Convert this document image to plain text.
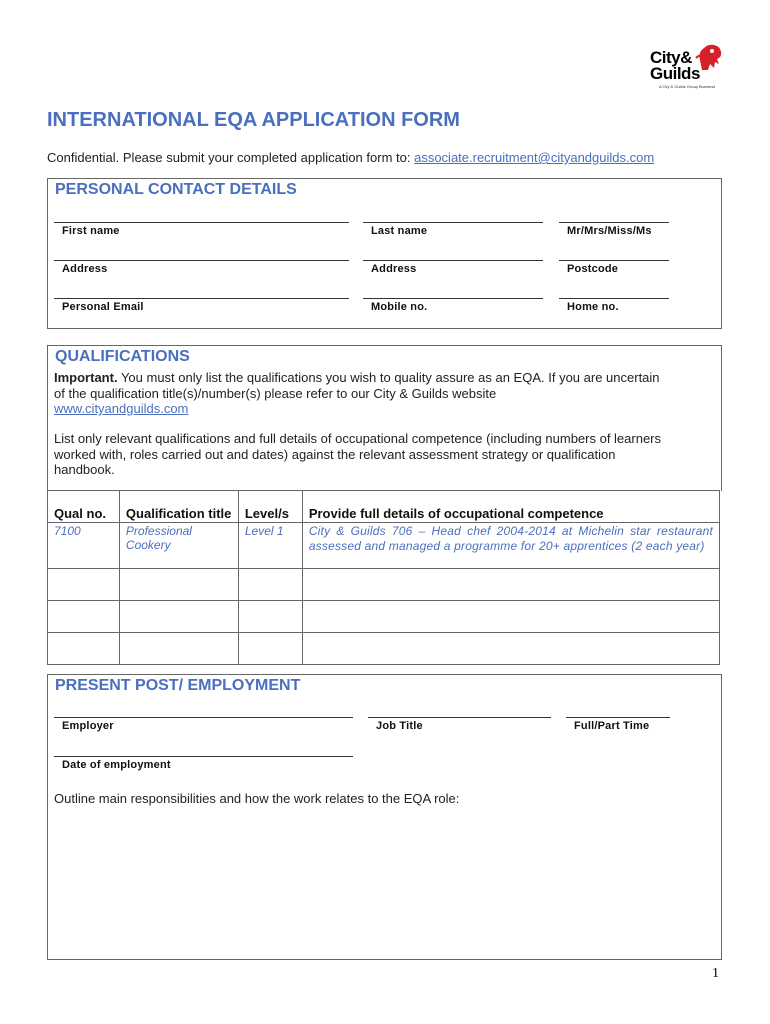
City&
Guilds
A City & Guilds Group Business
INTERNATIONAL EQA APPLICATION FORM
Confidential. Please submit your completed application form to: associate.recruitment@cityandguilds.com
PERSONAL CONTACT DETAILS
First name	Last name	Mr/Mrs/Miss/Ms
Address	Address	Postcode
Personal Email	Mobile no.	Home no.
QUALIFICATIONS
Important. You must only list the qualifications you wish to quality assure as an EQA. If you are uncertain of the qualification title(s)/number(s) please refer to our City & Guilds website
www.cityandguilds.com
List only relevant qualifications and full details of occupational competence (including numbers of learners worked with, roles carried out and dates) against the relevant assessment strategy or qualification handbook.
Qual no.	Qualification title	Level/s	Provide full details of occupational competence
7100	Professional Cookery	Level 1	City & Guilds 706 – Head chef 2004-2014 at Michelin star restaurant assessed and managed a programme for 20+ apprentices (2 each year)

PRESENT POST/ EMPLOYMENT
Employer	Job Title	Full/Part Time
Date of employment
Outline main responsibilities and how the work relates to the EQA role:
1
